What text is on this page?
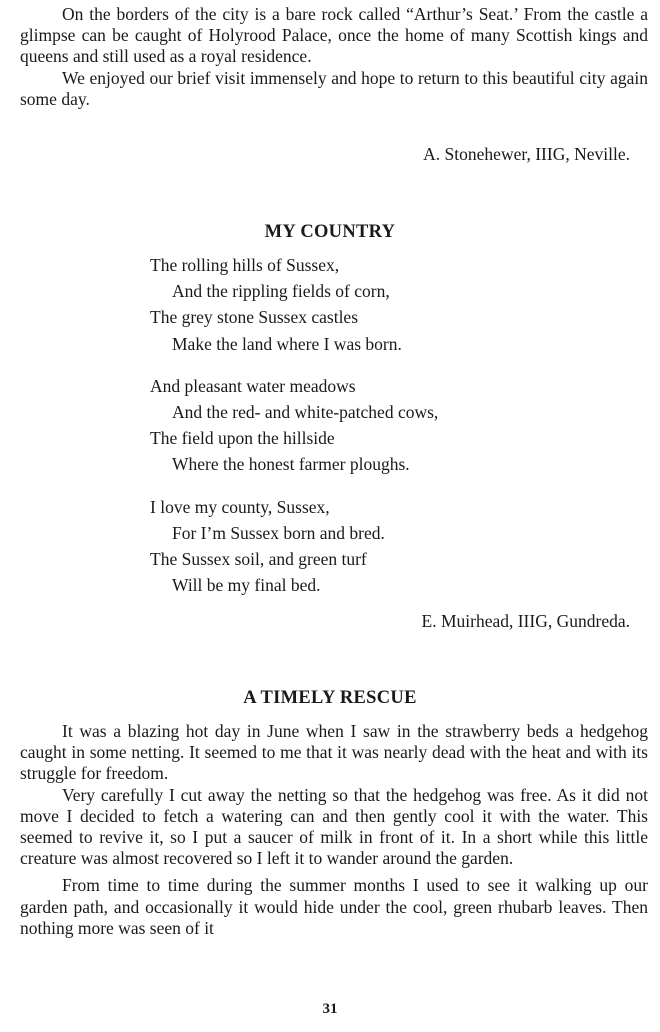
On the borders of the city is a bare rock called “Arthur’s Seat.’ From the castle a glimpse can be caught of Holyrood Palace, once the home of many Scottish kings and queens and still used as a royal residence.

We enjoyed our brief visit immensely and hope to return to this beautiful city again some day.

A. Stonehewer, IIIG, Neville.
MY COUNTRY
The rolling hills of Sussex,
And the rippling fields of corn,
The grey stone Sussex castles
Make the land where I was born.
And pleasant water meadows
And the red- and white-patched cows,
The field upon the hillside
Where the honest farmer ploughs.
I love my county, Sussex,
For I’m Sussex born and bred.
The Sussex soil, and green turf
Will be my final bed.
E. Muirhead, IIIG, Gundreda.
A TIMELY RESCUE

It was a blazing hot day in June when I saw in the strawberry beds a hedgehog caught in some netting. It seemed to me that it was nearly dead with the heat and with its struggle for freedom.

Very carefully I cut away the netting so that the hedgehog was free. As it did not move I decided to fetch a watering can and then gently cool it with the water. This seemed to revive it, so I put a saucer of milk in front of it. In a short while this little creature was almost recovered so I left it to wander around the garden.

From time to time during the summer months I used to see it walking up our garden path, and occasionally it would hide under the cool, green rhubarb leaves. Then nothing more was seen of it

31
